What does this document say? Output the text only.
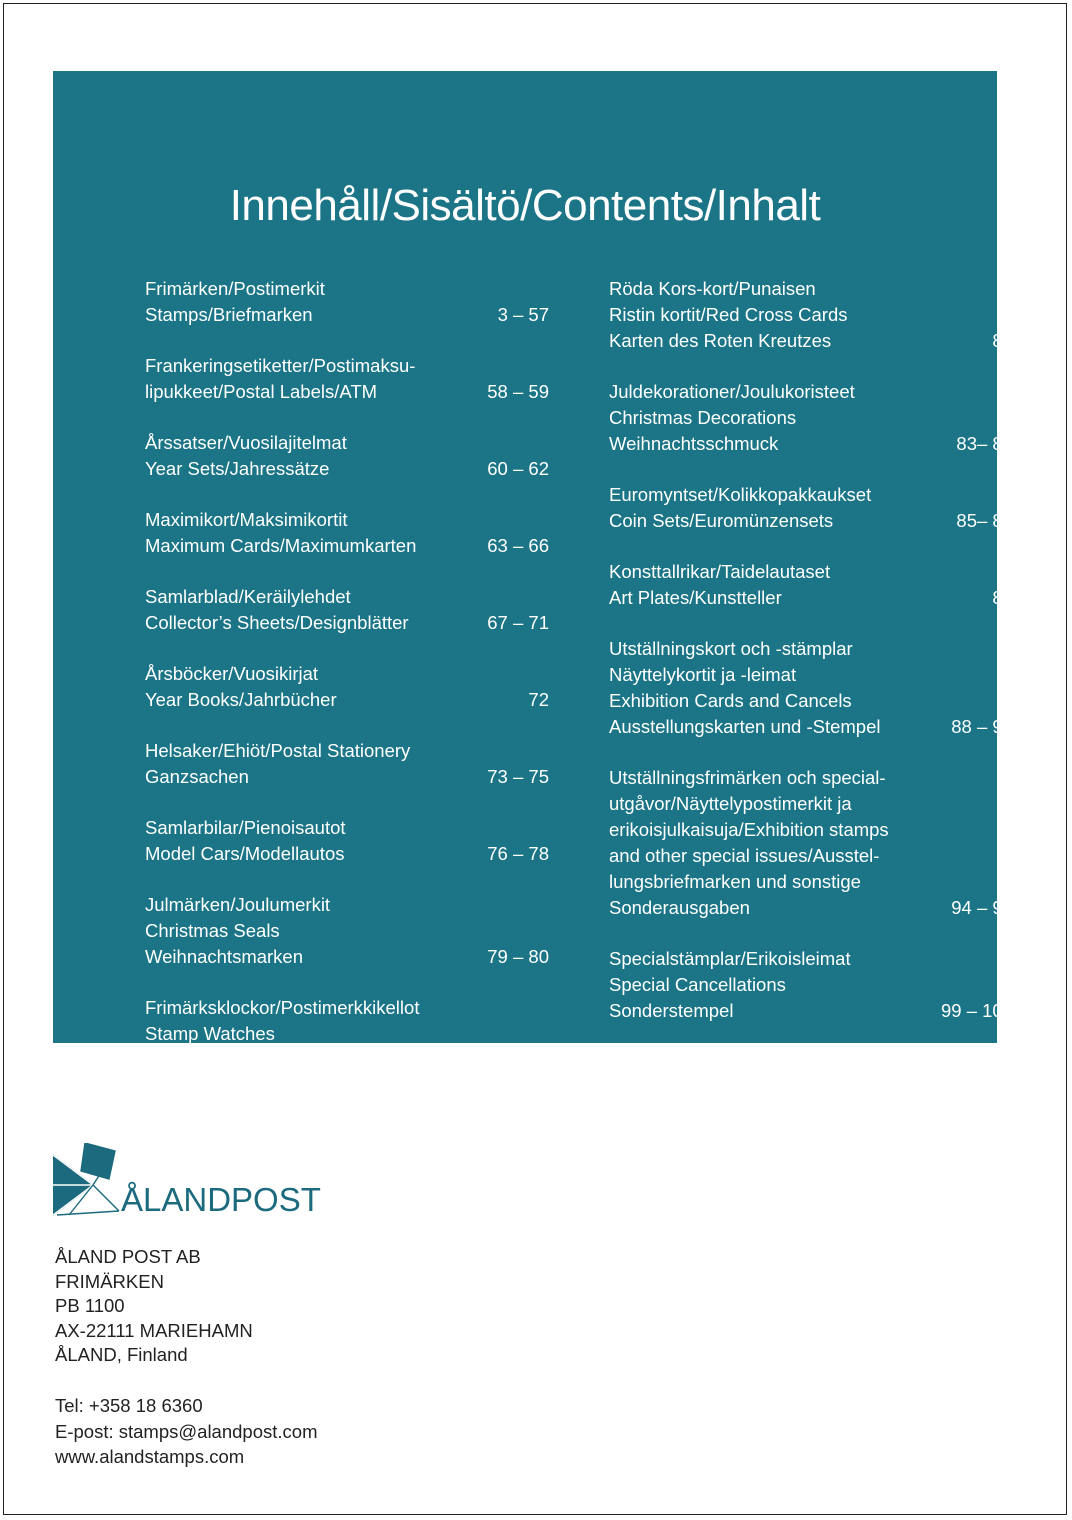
Innehåll/Sisältö/Contents/Inhalt
Frimärken/Postimerkit
Stamps/Briefmarken	3 – 57
Frankeringsetiketter/Postimaksu-
lipukkeet/Postal Labels/ATM	58 – 59
Årssatser/Vuosilajitelmat
Year Sets/Jahressätze	60 – 62
Maximikort/Maksimikortit
Maximum Cards/Maximumkarten	63 – 66
Samlarblad/Keräilylehdet
Collector’s Sheets/Designblätter	67 – 71
Årsböcker/Vuosikirjat
Year Books/Jahrbücher	72
Helsaker/Ehiöt/Postal Stationery
Ganzsachen	73 – 75
Samlarbilar/Pienoisautot
Model Cars/Modellautos	76 – 78
Julmärken/Joulumerkit
Christmas Seals
Weihnachtsmarken	79 – 80
Frimärksklockor/Postimerkkikellot
Stamp Watches
Briefmarken-Uhren	81
Röda Kors-kort/Punaisen
Ristin kortit/Red Cross Cards
Karten des Roten Kreutzes	82
Juldekorationer/Joulukoristeet
Christmas Decorations
Weihnachtsschmuck	83– 84
Euromyntset/Kolikkopakkaukset
Coin Sets/Euromünzensets	85– 86
Konsttallrikar/Taidelautaset
Art Plates/Kunstteller	87
Utställningskort och -stämplar
Näyttelykortit ja -leimat
Exhibition Cards and Cancels
Ausstellungskarten und -Stempel	88 – 93
Utställningsfrimärken och special-
utgåvor/Näyttelypostimerkit ja
erikoisjulkaisuja/Exhibition stamps
and other special issues/Ausstel-
lungsbriefmarken und sonstige
Sonderausgaben	94 – 98
Specialstämplar/Erikoisleimat
Special Cancellations
Sonderstempel	99 – 102
ÅLANDPOST
ÅLAND POST AB
FRIMÄRKEN
PB 1100
AX-22111 MARIEHAMN
ÅLAND, Finland
Tel: +358 18 6360
E-post: stamps@alandpost.com
www.alandstamps.com
